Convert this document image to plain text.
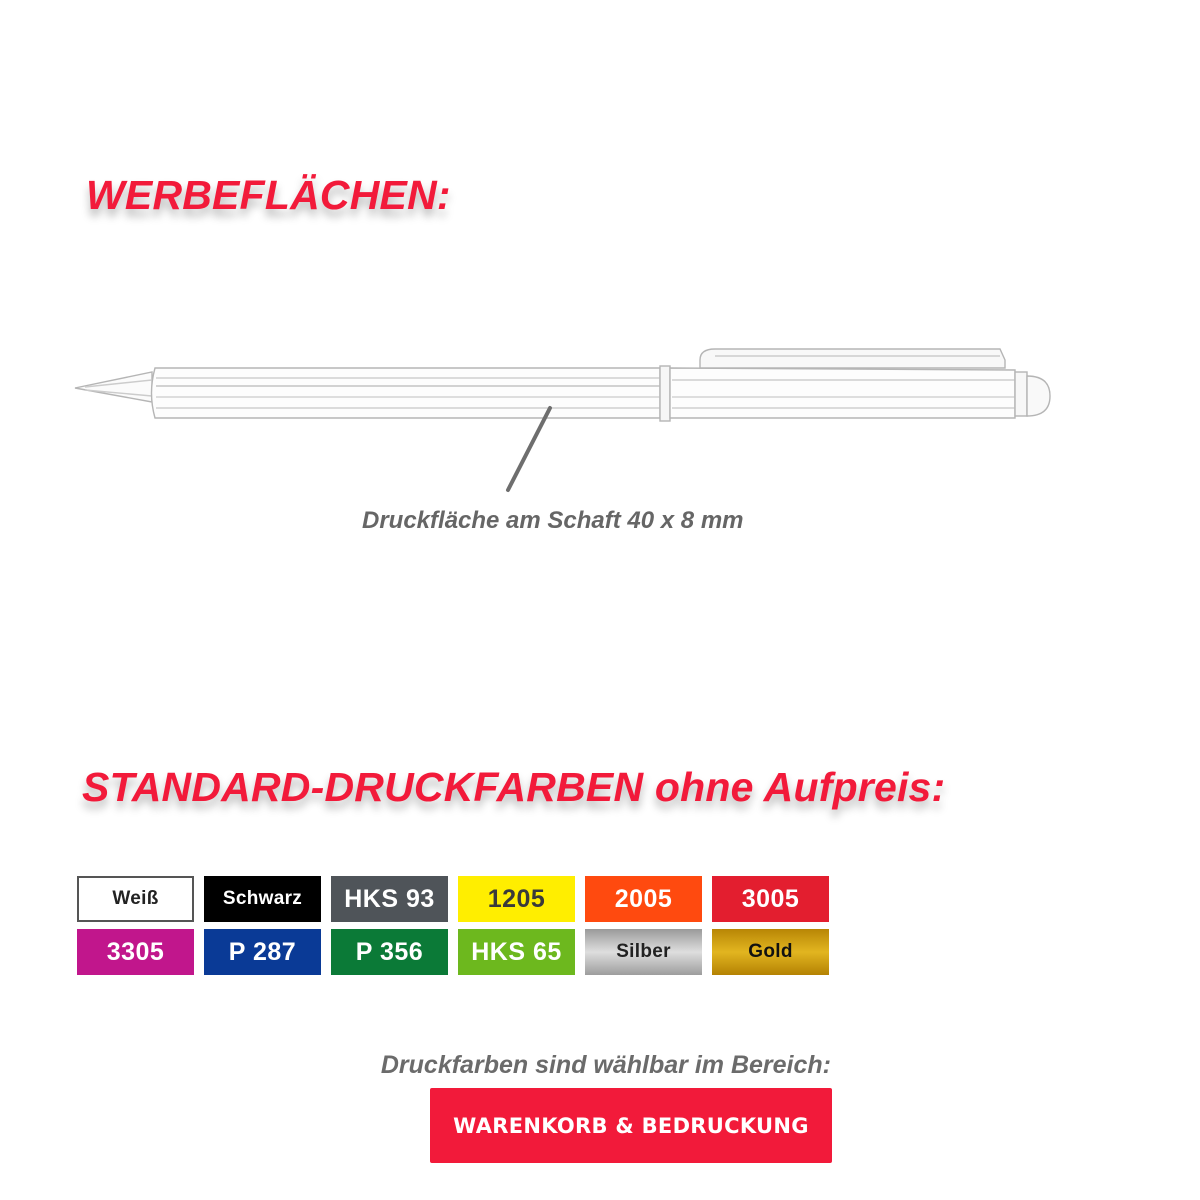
WERBEFLÄCHEN:
Druckfläche am Schaft 40 x 8 mm
STANDARD-DRUCKFARBEN ohne Aufpreis:
Weiß	Schwarz	HKS 93	1205	2005	3005
3305	P 287	P 356	HKS 65	Silber	Gold
Druckfarben sind wählbar im Bereich:
WARENKORB & BEDRUCKUNG
